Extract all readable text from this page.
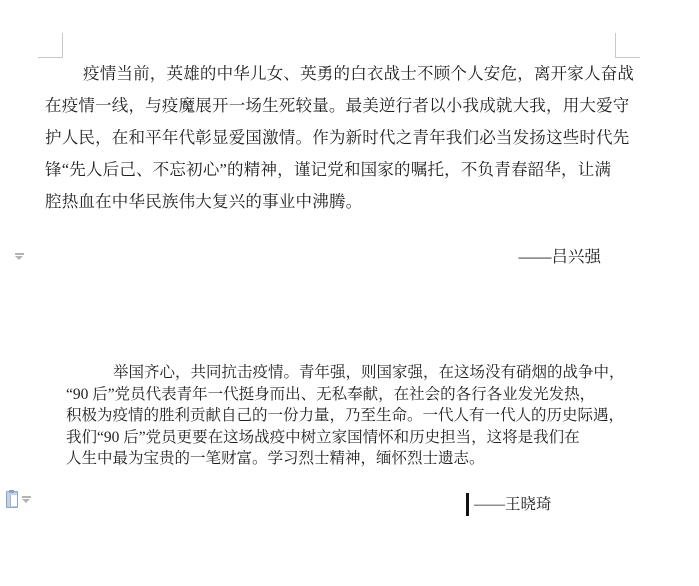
疫情当前，英雄的中华儿女、英勇的白衣战士不顾个人安危，离开家人奋战
在疫情一线，与疫魔展开一场生死较量。最美逆行者以小我成就大我，用大爱守
护人民，在和平年代彰显爱国激情。作为新时代之青年我们必当发扬这些时代先
锋“先人后己、不忘初心”的精神，谨记党和国家的嘱托，不负青春韶华，让满
腔热血在中华民族伟大复兴的事业中沸腾。
——吕兴强
举国齐心，共同抗击疫情。青年强，则国家强，在这场没有硝烟的战争中，
“90 后”党员代表青年一代挺身而出、无私奉献，在社会的各行各业发光发热，
积极为疫情的胜利贡献自己的一份力量，乃至生命。一代人有一代人的历史际遇，
我们“90 后”党员更要在这场战疫中树立家国情怀和历史担当，这将是我们在
人生中最为宝贵的一笔财富。学习烈士精神，缅怀烈士遗志。
——王晓琦
